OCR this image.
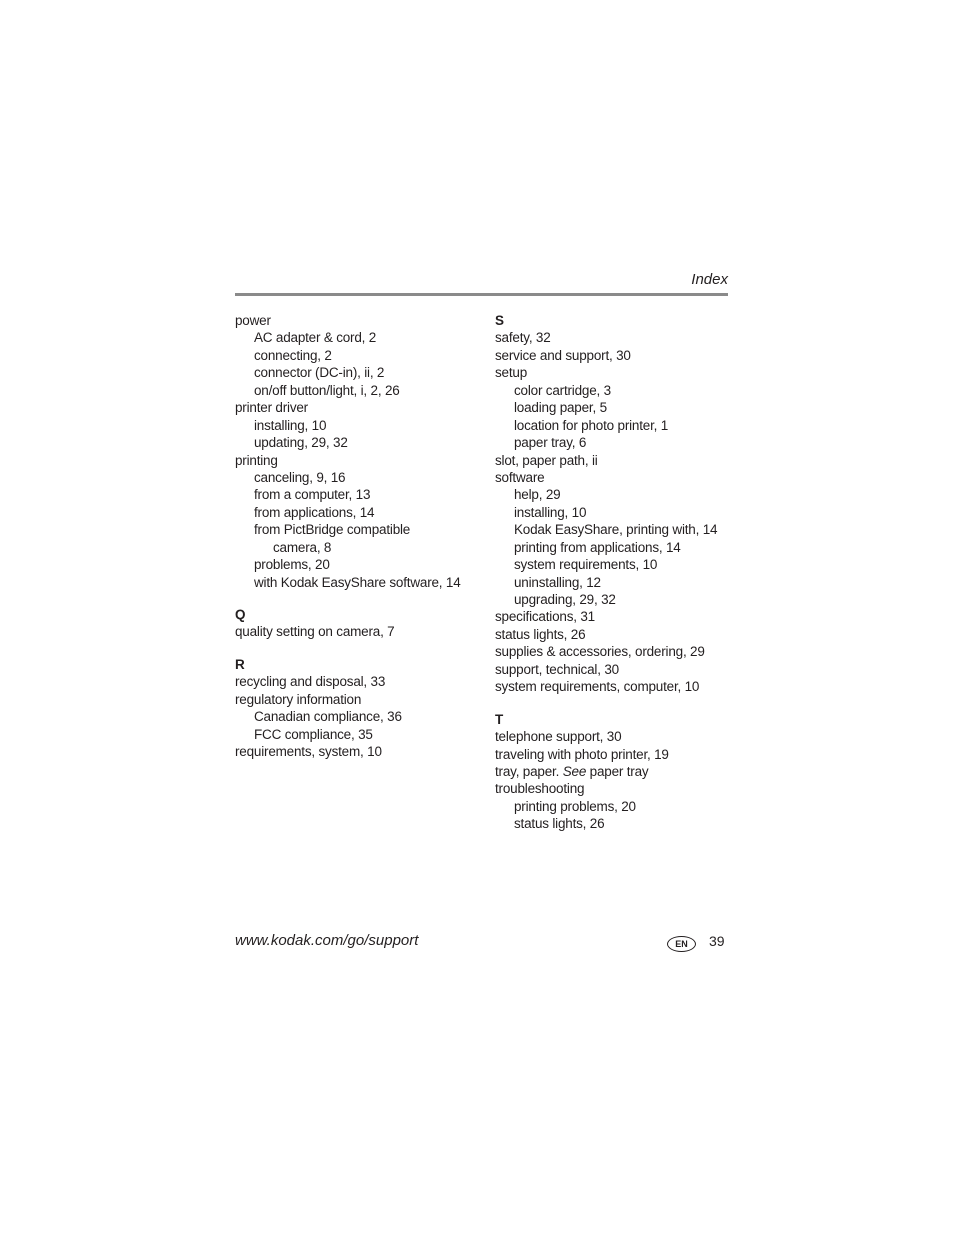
Index
power
AC adapter & cord, 2
connecting, 2
connector (DC-in), ii, 2
on/off button/light, i, 2, 26
printer driver
installing, 10
updating, 29, 32
printing
canceling, 9, 16
from a computer, 13
from applications, 14
from PictBridge compatible
camera, 8
problems, 20
with Kodak EasyShare software, 14
Q
quality setting on camera, 7
R
recycling and disposal, 33
regulatory information
Canadian compliance, 36
FCC compliance, 35
requirements, system, 10
S
safety, 32
service and support, 30
setup
color cartridge, 3
loading paper, 5
location for photo printer, 1
paper tray, 6
slot, paper path, ii
software
help, 29
installing, 10
Kodak EasyShare, printing with, 14
printing from applications, 14
system requirements, 10
uninstalling, 12
upgrading, 29, 32
specifications, 31
status lights, 26
supplies & accessories, ordering, 29
support, technical, 30
system requirements, computer, 10
T
telephone support, 30
traveling with photo printer, 19
tray, paper. See paper tray
troubleshooting
printing problems, 20
status lights, 26
www.kodak.com/go/support	EN	39
